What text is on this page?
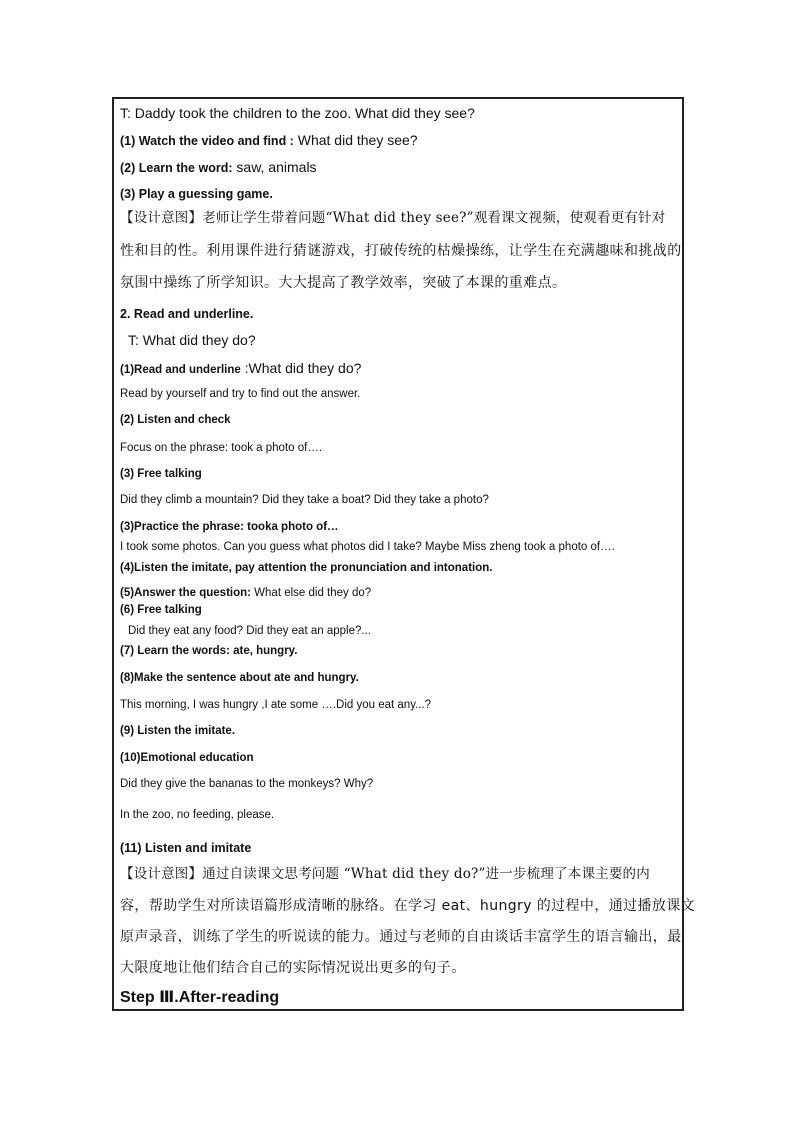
T: Daddy took the children to the zoo. What did they see?
(1) Watch the video and find : What did they see?
(2) Learn the word: saw, animals
(3) Play a guessing game.
【设计意图】老师让学生带着问题“What did they see?”观看课文视频，使观看更有针对
性和目的性。利用课件进行猜谜游戏，打破传统的枯燥操练，让学生在充满趣味和挑战的
氛围中操练了所学知识。大大提高了教学效率，突破了本课的重难点。
2. Read and underline.
T: What did they do?
(1)Read and underline :What did they do?
Read by yourself and try to find out the answer.
(2) Listen and check
Focus on the phrase: took a photo of….
(3) Free talking
Did they climb a mountain? Did they take a boat? Did they take a photo?
(3)Practice the phrase: tooka photo of…
I took some photos. Can you guess what photos did I take? Maybe Miss zheng took a photo of….
(4)Listen the imitate, pay attention the pronunciation and intonation.
(5)Answer the question: What else did they do?
(6) Free talking
Did they eat any food? Did they eat an apple?...
(7) Learn the words: ate, hungry.
(8)Make the sentence about ate and hungry.
This morning, I was hungry ,I ate some ….Did you eat any...?
(9) Listen the imitate.
(10)Emotional education
Did they give the bananas to the monkeys? Why?
In the zoo, no feeding, please.
(11) Listen and imitate
【设计意图】通过自读课文思考问题 “What did they do?”进一步梳理了本课主要的内
容，帮助学生对所读语篇形成清晰的脉络。在学习 eat、hungry 的过程中，通过播放课文
原声录音，训练了学生的听说读的能力。通过与老师的自由谈话丰富学生的语言输出，最
大限度地让他们结合自己的实际情况说出更多的句子。
Step Ⅲ.After-reading
